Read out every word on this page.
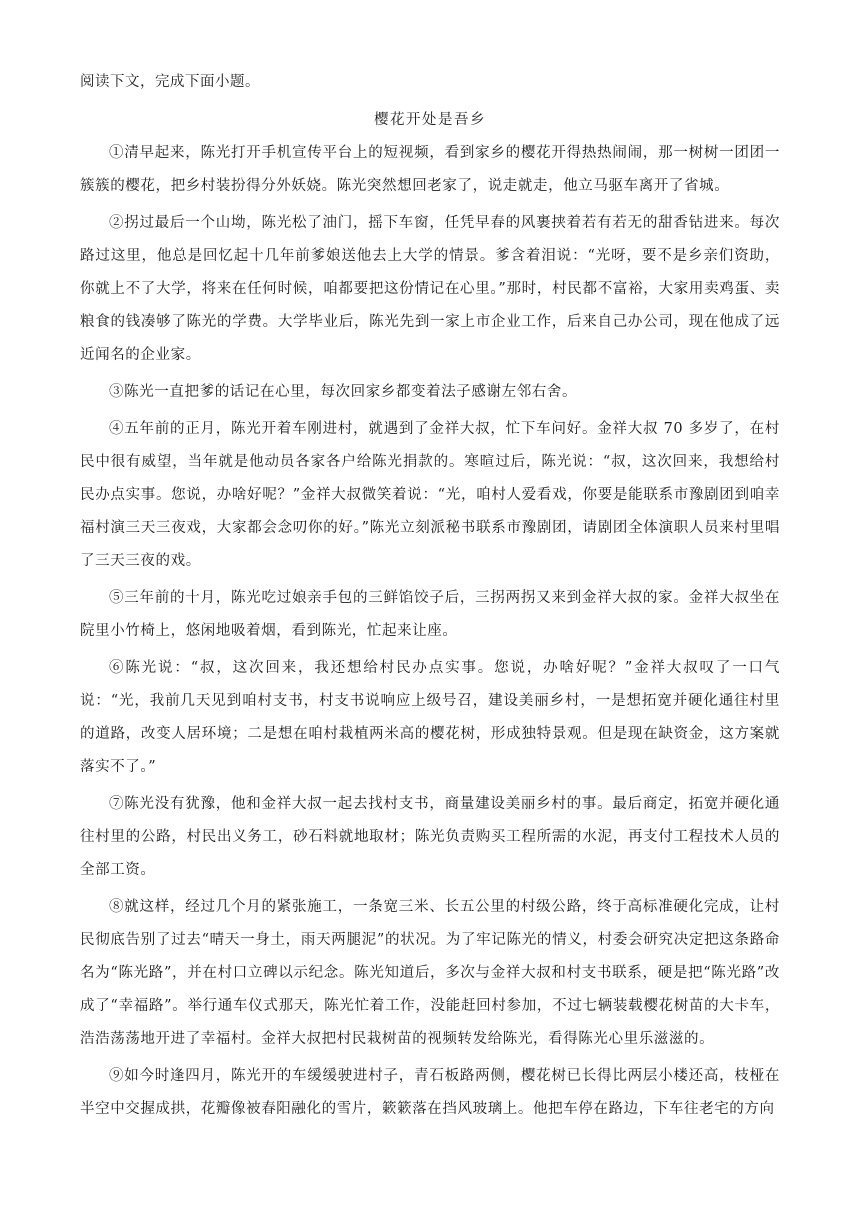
阅读下文，完成下面小题。
樱花开处是吾乡

①清早起来，陈光打开手机宣传平台上的短视频，看到家乡的樱花开得热热闹闹，那一树树一团团一簇簇的樱花，把乡村装扮得分外妖娆。陈光突然想回老家了，说走就走，他立马驱车离开了省城。

②拐过最后一个山坳，陈光松了油门，摇下车窗，任凭早春的风裹挟着若有若无的甜香钻进来。每次路过这里，他总是回忆起十几年前爹娘送他去上大学的情景。爹含着泪说：“光呀，要不是乡亲们资助，你就上不了大学，将来在任何时候，咱都要把这份情记在心里。”那时，村民都不富裕，大家用卖鸡蛋、卖粮食的钱凑够了陈光的学费。大学毕业后，陈光先到一家上市企业工作，后来自己办公司，现在他成了远近闻名的企业家。

③陈光一直把爹的话记在心里，每次回家乡都变着法子感谢左邻右舍。

④五年前的正月，陈光开着车刚进村，就遇到了金祥大叔，忙下车问好。金祥大叔 70 多岁了，在村民中很有威望，当年就是他动员各家各户给陈光捐款的。寒暄过后，陈光说：“叔，这次回来，我想给村民办点实事。您说，办啥好呢？”金祥大叔微笑着说：“光，咱村人爱看戏，你要是能联系市豫剧团到咱幸福村演三天三夜戏，大家都会念叨你的好。”陈光立刻派秘书联系市豫剧团，请剧团全体演职人员来村里唱了三天三夜的戏。

⑤三年前的十月，陈光吃过娘亲手包的三鲜馅饺子后，三拐两拐又来到金祥大叔的家。金祥大叔坐在院里小竹椅上，悠闲地吸着烟，看到陈光，忙起来让座。

⑥陈光说：“叔，这次回来，我还想给村民办点实事。您说，办啥好呢？”金祥大叔叹了一口气说：“光，我前几天见到咱村支书，村支书说响应上级号召，建设美丽乡村，一是想拓宽并硬化通往村里的道路，改变人居环境；二是想在咱村栽植两米高的樱花树，形成独特景观。但是现在缺资金，这方案就落实不了。”

⑦陈光没有犹豫，他和金祥大叔一起去找村支书，商量建设美丽乡村的事。最后商定，拓宽并硬化通往村里的公路，村民出义务工，砂石料就地取材；陈光负责购买工程所需的水泥，再支付工程技术人员的全部工资。

⑧就这样，经过几个月的紧张施工，一条宽三米、长五公里的村级公路，终于高标准硬化完成，让村民彻底告别了过去“晴天一身土，雨天两腿泥”的状况。为了牢记陈光的情义，村委会研究决定把这条路命名为“陈光路”，并在村口立碑以示纪念。陈光知道后，多次与金祥大叔和村支书联系，硬是把“陈光路”改成了“幸福路”。举行通车仪式那天，陈光忙着工作，没能赶回村参加，不过七辆装载樱花树苗的大卡车，浩浩荡荡地开进了幸福村。金祥大叔把村民栽树苗的视频转发给陈光，看得陈光心里乐滋滋的。

⑨如今时逢四月，陈光开的车缓缓驶进村子，青石板路两侧，樱花树已长得比两层小楼还高，枝桠在半空中交握成拱，花瓣像被春阳融化的雪片，簌簌落在挡风玻璃上。他把车停在路边，下车往老宅的方向
